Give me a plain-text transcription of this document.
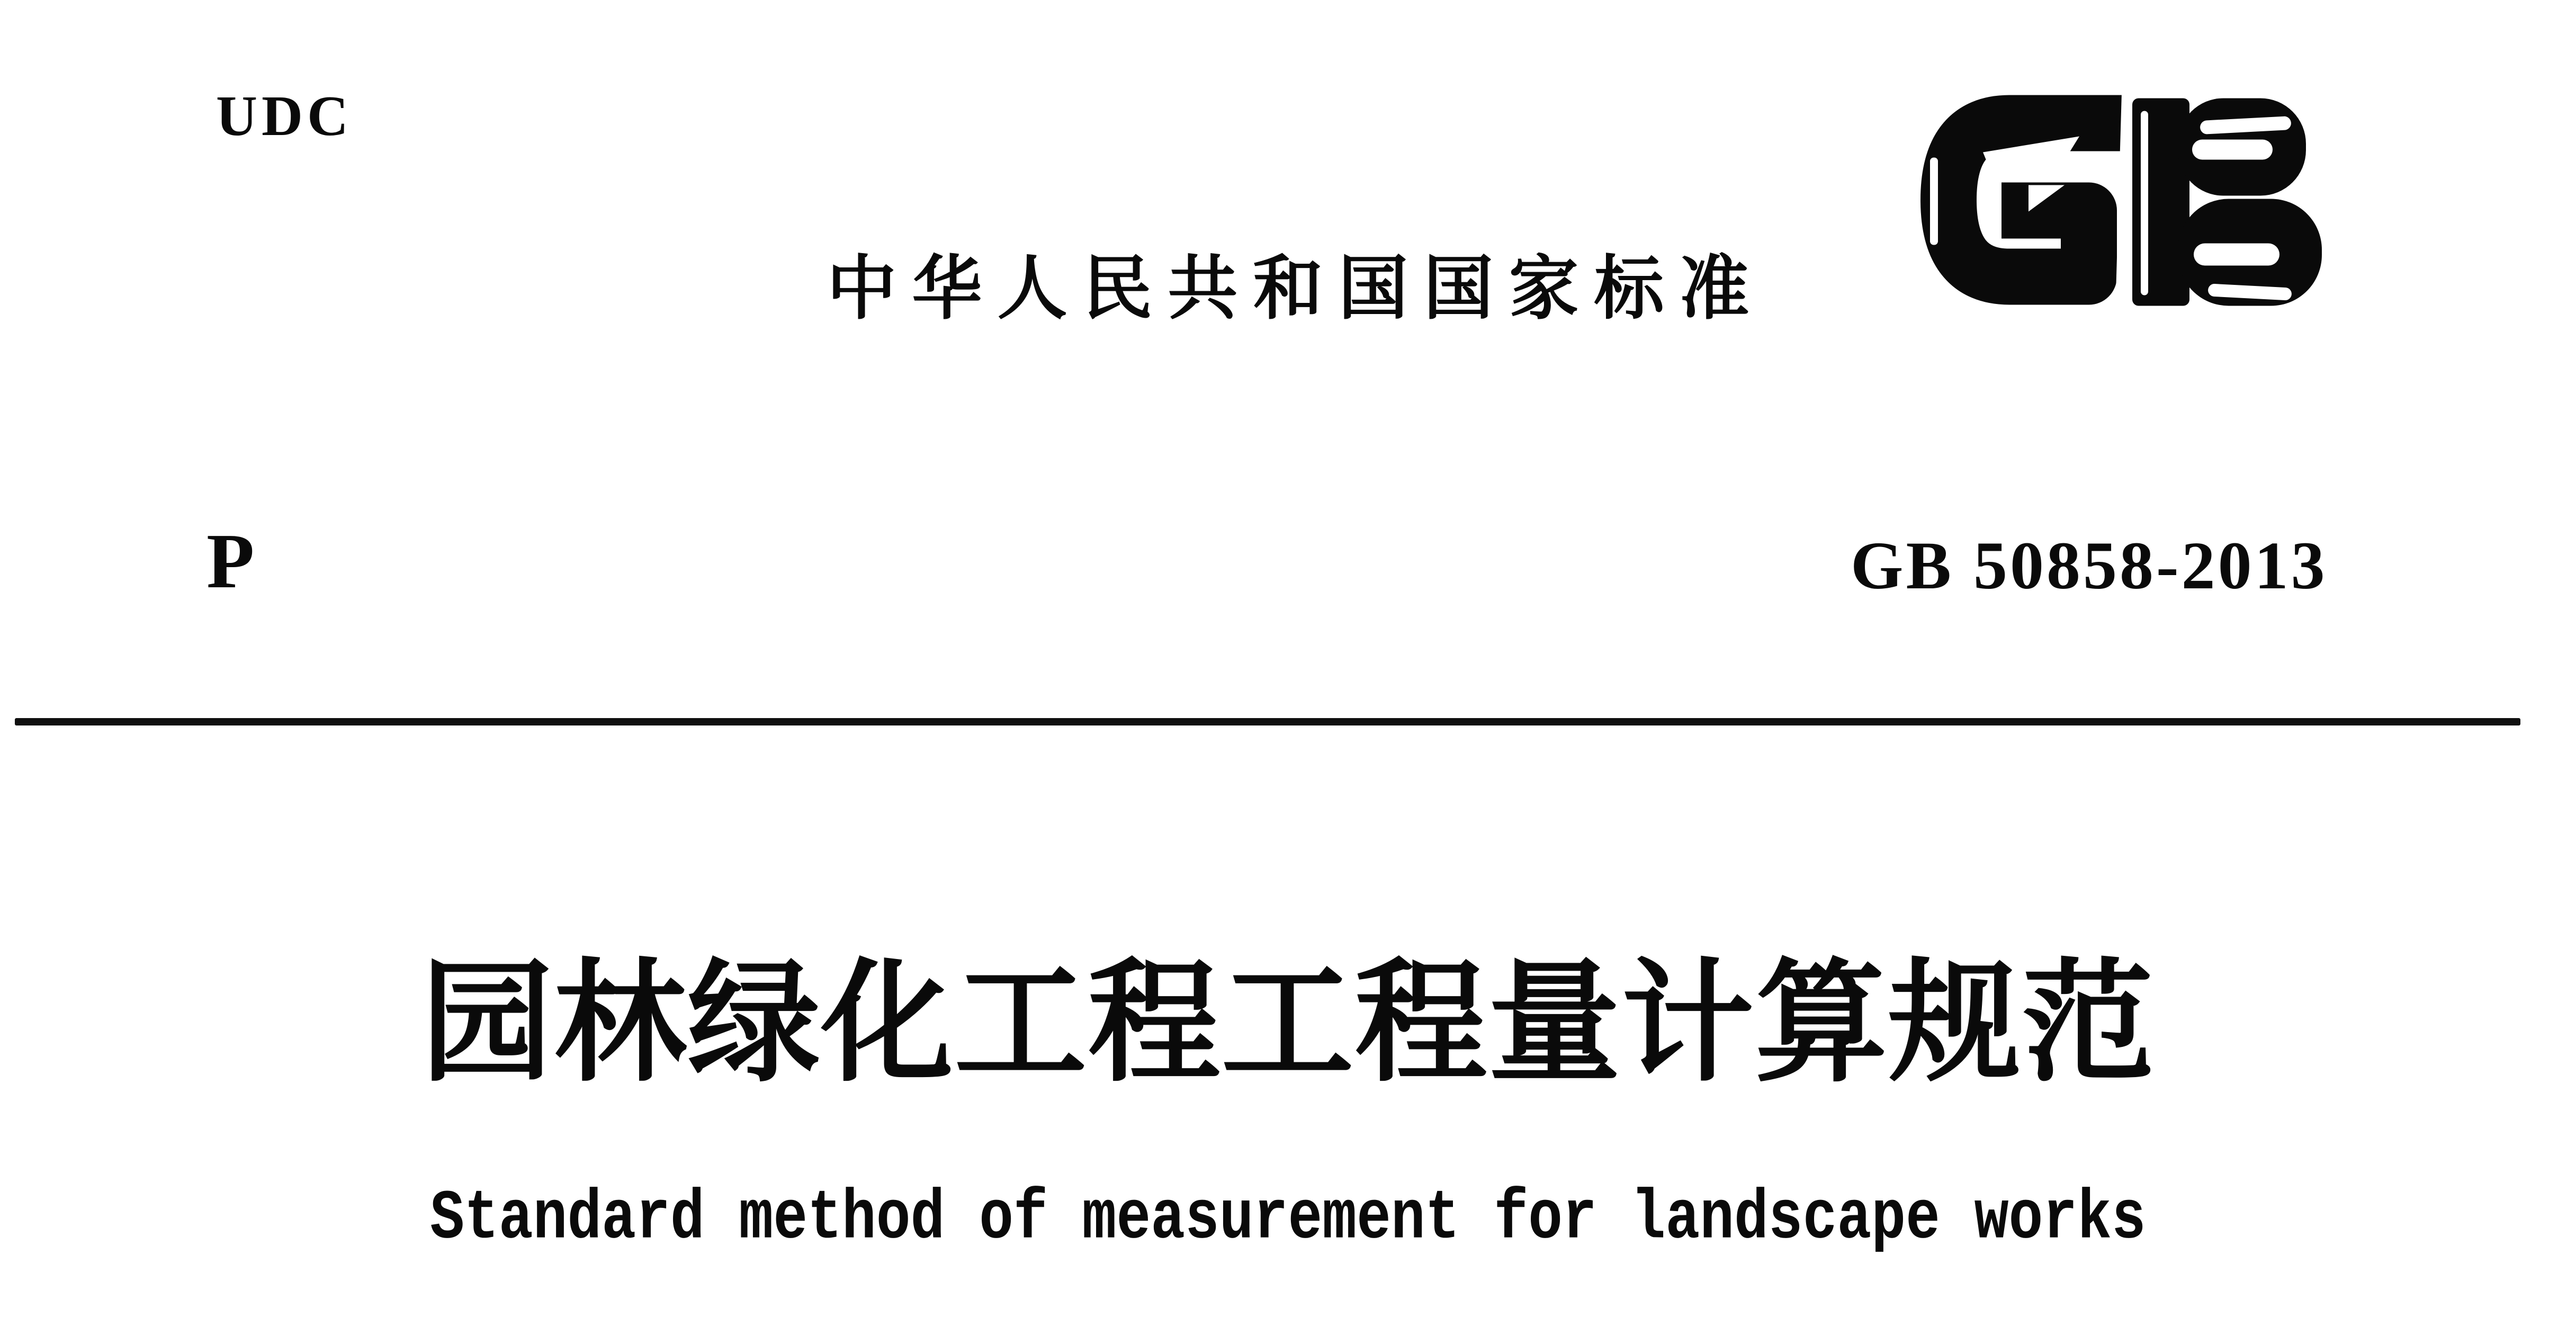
UDC
中华人民共和国国家标准
P	GB 50858-2013
园林绿化工程工程量计算规范
Standard method of measurement for landscape works
